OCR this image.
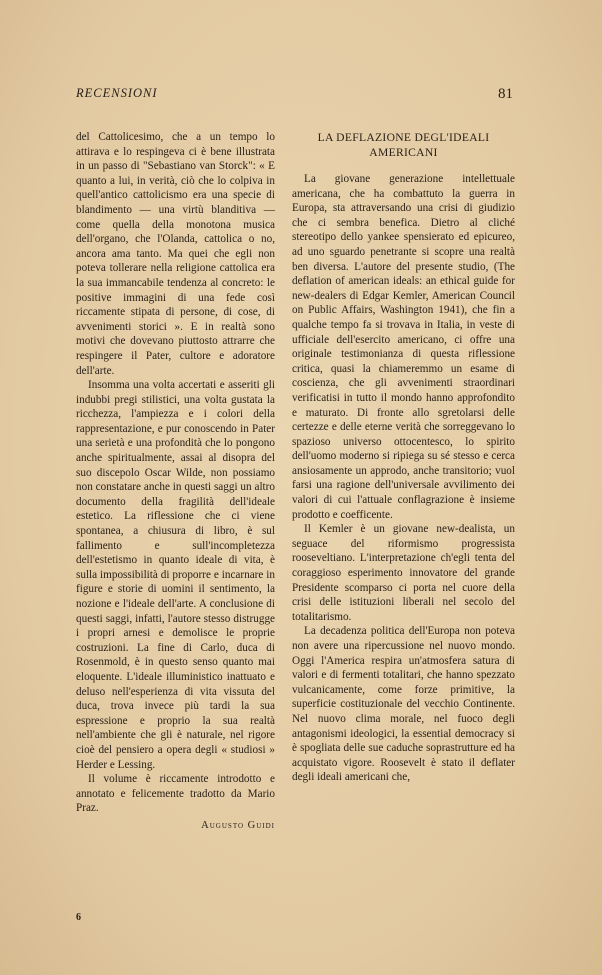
RECENSIONI	81

del Cattolicesimo, che a un tempo lo attirava e lo respingeva ci è bene illustrata in un passo di "Sebastiano van Storck": « E quanto a lui, in verità, ciò che lo colpiva in quell'antico cattolicismo era una specie di blandimento — una virtù blanditiva — come quella della monotona musica dell'organo, che l'Olanda, cattolica o no, ancora ama tanto. Ma quei che egli non poteva tollerare nella religione cattolica era la sua immancabile tendenza al concreto: le positive immagini di una fede così riccamente stipata di persone, di cose, di avvenimenti storici ». E in realtà sono motivi che dovevano piuttosto attrarre che respingere il Pater, cultore e adoratore dell'arte.

Insomma una volta accertati e asseriti gli indubbi pregi stilistici, una volta gustata la ricchezza, l'ampiezza e i colori della rappresentazione, e pur conoscendo in Pater una serietà e una profondità che lo pongono anche spiritualmente, assai al disopra del suo discepolo Oscar Wilde, non possiamo non constatare anche in questi saggi un altro documento della fragilità dell'ideale estetico. La riflessione che ci viene spontanea, a chiusura di libro, è sul fallimento e sull'incompletezza dell'estetismo in quanto ideale di vita, è sulla impossibilità di proporre e incarnare in figure e storie di uomini il sentimento, la nozione e l'ideale dell'arte. A conclusione di questi saggi, infatti, l'autore stesso distrugge i propri arnesi e demolisce le proprie costruzioni. La fine di Carlo, duca di Rosenmold, è in questo senso quanto mai eloquente. L'ideale illuministico inattuato e deluso nell'esperienza di vita vissuta del duca, trova invece più tardi la sua espressione e proprio la sua realtà nell'ambiente che gli è naturale, nel rigore cioè del pensiero a opera degli « studiosi » Herder e Lessing.

Il volume è riccamente introdotto e annotato e felicemente tradotto da Mario Praz.

Augusto Guidi
LA DEFLAZIONE DEGL'IDEALI AMERICANI

La giovane generazione intellettuale americana, che ha combattuto la guerra in Europa, sta attraversando una crisi di giudizio che ci sembra benefica. Dietro al cliché stereotipo dello yankee spensierato ed epicureo, ad uno sguardo penetrante si scopre una realtà ben diversa. L'autore del presente studio, (The deflation of american ideals: an ethical guide for new-dealers di Edgar Kemler, American Council on Public Affairs, Washington 1941), che fin a qualche tempo fa si trovava in Italia, in veste di ufficiale dell'esercito americano, ci offre una originale testimonianza di questa riflessione critica, quasi la chiameremmo un esame di coscienza, che gli avvenimenti straordinari verificatisi in tutto il mondo hanno approfondito e maturato. Di fronte allo sgretolarsi delle certezze e delle eterne verità che sorreggevano lo spazioso universo ottocentesco, lo spirito dell'uomo moderno si ripiega su sé stesso e cerca ansiosamente un approdo, anche transitorio; vuol farsi una ragione dell'universale avvilimento dei valori di cui l'attuale conflagrazione è insieme prodotto e coefficente.

Il Kemler è un giovane new-dealista, un seguace del riformismo progressista rooseveltiano. L'interpretazione ch'egli tenta del coraggioso esperimento innovatore del grande Presidente scomparso ci porta nel cuore della crisi delle istituzioni liberali nel secolo del totalitarismo.

La decadenza politica dell'Europa non poteva non avere una ripercussione nel nuovo mondo. Oggi l'America respira un'atmosfera satura di valori e di fermenti totalitari, che hanno spezzato vulcanicamente, come forze primitive, la superficie costituzionale del vecchio Continente. Nel nuovo clima morale, nel fuoco degli antagonismi ideologici, la essential democracy si è spogliata delle sue caduche soprastrutture ed ha acquistato vigore. Roosevelt è stato il deflater degli ideali americani che,

6
